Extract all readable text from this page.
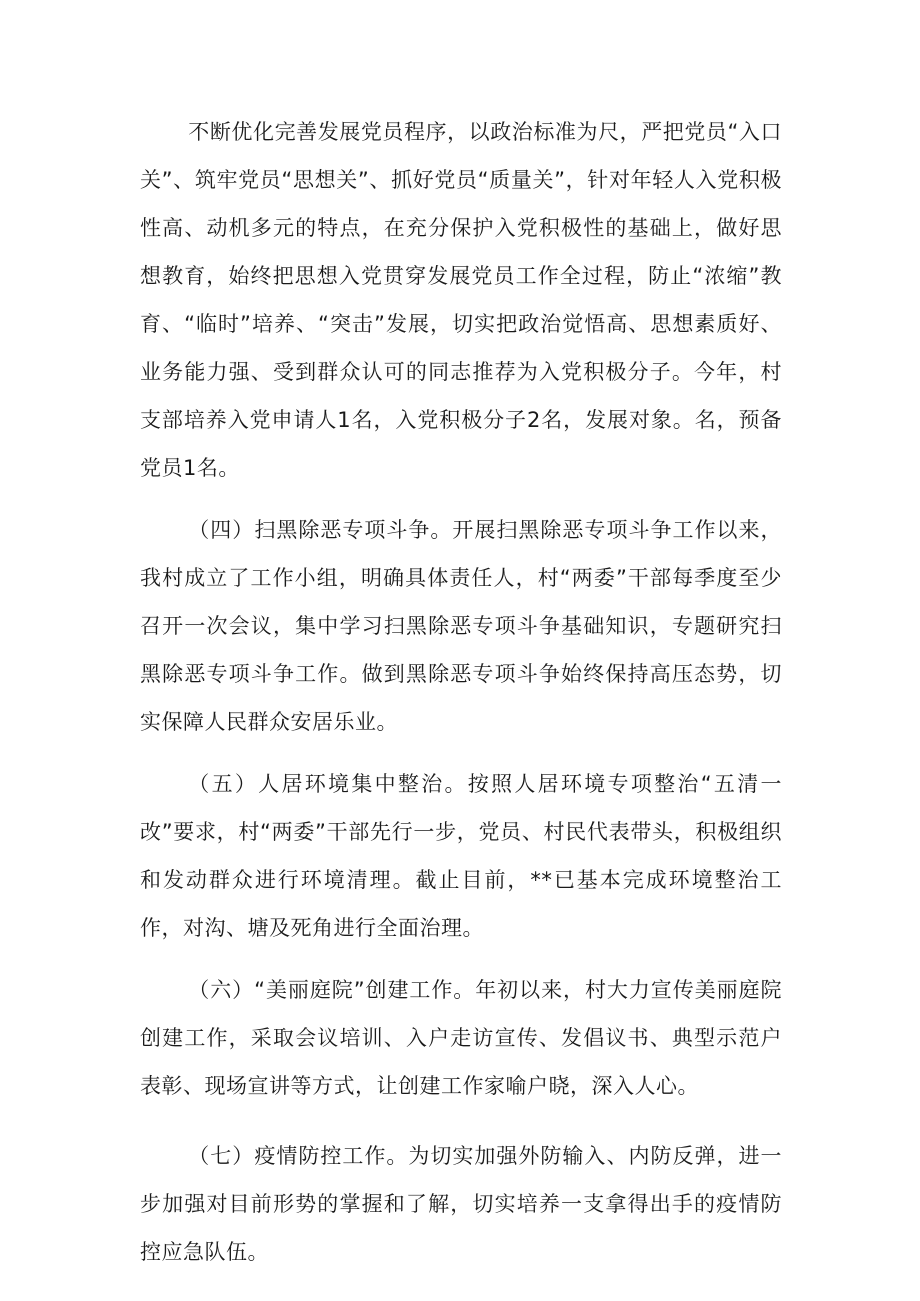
不断优化完善发展党员程序，以政治标准为尺，严把党员“入口关”、筑牢党员“思想关”、抓好党员“质量关”，针对年轻人入党积极性高、动机多元的特点，在充分保护入党积极性的基础上，做好思想教育，始终把思想入党贯穿发展党员工作全过程，防止“浓缩”教育、“临时”培养、“突击”发展，切实把政治觉悟高、思想素质好、业务能力强、受到群众认可的同志推荐为入党积极分子。今年，村支部培养入党申请人1名，入党积极分子2名，发展对象。名，预备党员1名。

（四）扫黑除恶专项斗争。开展扫黑除恶专项斗争工作以来，我村成立了工作小组，明确具体责任人，村“两委”干部每季度至少召开一次会议，集中学习扫黑除恶专项斗争基础知识，专题研究扫黑除恶专项斗争工作。做到黑除恶专项斗争始终保持高压态势，切实保障人民群众安居乐业。

（五）人居环境集中整治。按照人居环境专项整治“五清一改”要求，村“两委”干部先行一步，党员、村民代表带头，积极组织和发动群众进行环境清理。截止目前，**已基本完成环境整治工作，对沟、塘及死角进行全面治理。

（六）“美丽庭院”创建工作。年初以来，村大力宣传美丽庭院创建工作，采取会议培训、入户走访宣传、发倡议书、典型示范户表彰、现场宣讲等方式，让创建工作家喻户晓，深入人心。

（七）疫情防控工作。为切实加强外防输入、内防反弹，进一步加强对目前形势的掌握和了解，切实培养一支拿得出手的疫情防控应急队伍。
